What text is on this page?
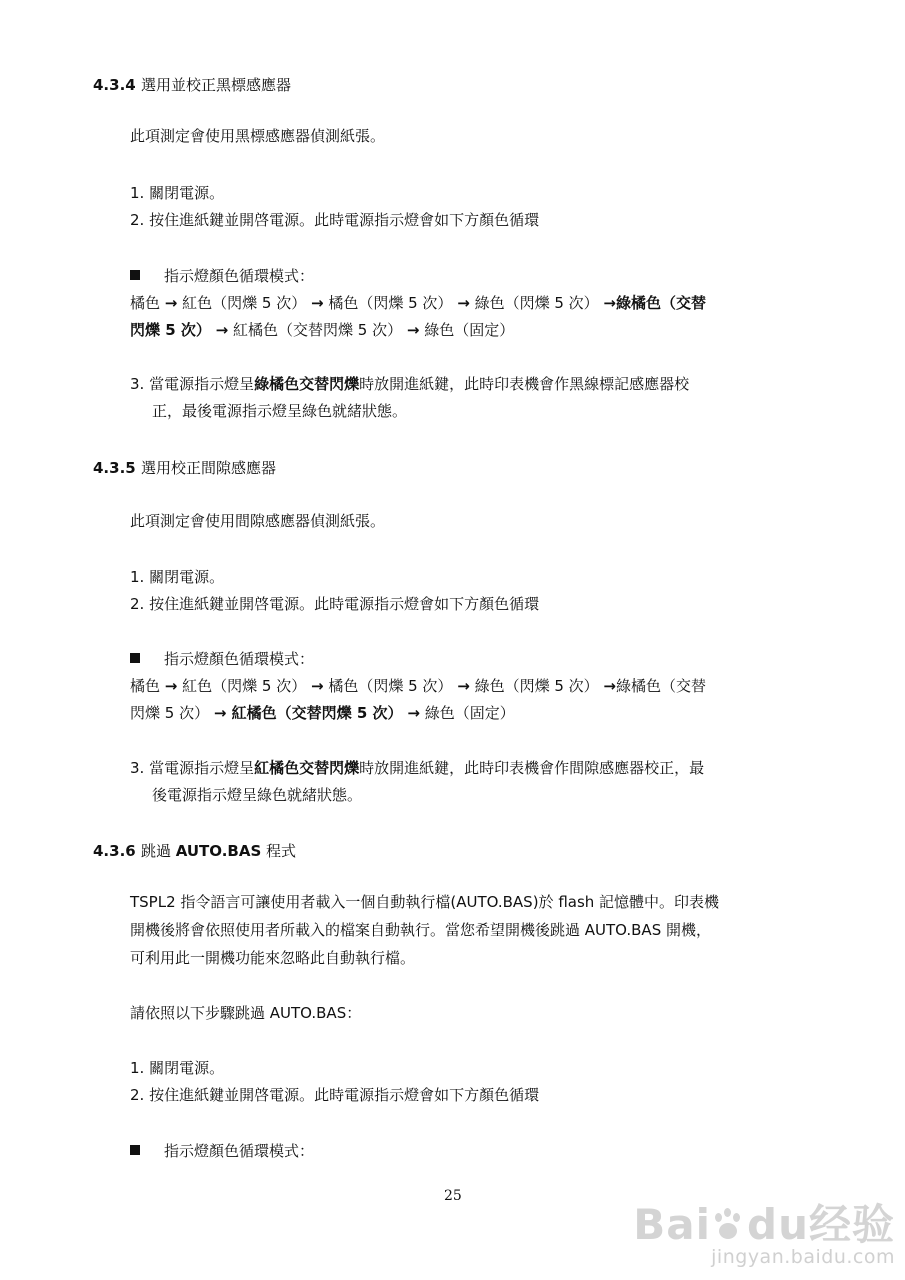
4.3.4 選用並校正黑標感應器
此項測定會使用黑標感應器偵測紙張。
1. 關閉電源。
2. 按住進紙鍵並開啓電源。此時電源指示燈會如下方顏色循環
指示燈顏色循環模式：
橘色 → 紅色（閃爍 5 次） → 橘色（閃爍 5 次） → 綠色（閃爍 5 次） →綠橘色（交替
閃爍 5 次） → 紅橘色（交替閃爍 5 次） → 綠色（固定）
3. 當電源指示燈呈綠橘色交替閃爍時放開進紙鍵，此時印表機會作黑線標記感應器校
正，最後電源指示燈呈綠色就緒狀態。
4.3.5 選用校正間隙感應器
此項測定會使用間隙感應器偵測紙張。
1. 關閉電源。
2. 按住進紙鍵並開啓電源。此時電源指示燈會如下方顏色循環
指示燈顏色循環模式：
橘色 → 紅色（閃爍 5 次） → 橘色（閃爍 5 次） → 綠色（閃爍 5 次） →綠橘色（交替
閃爍 5 次） → 紅橘色（交替閃爍 5 次） → 綠色（固定）
3. 當電源指示燈呈紅橘色交替閃爍時放開進紙鍵，此時印表機會作間隙感應器校正，最
後電源指示燈呈綠色就緒狀態。
4.3.6 跳過 AUTO.BAS 程式
TSPL2 指令語言可讓使用者載入一個自動執行檔(AUTO.BAS)於 flash 記憶體中。印表機
開機後將會依照使用者所載入的檔案自動執行。當您希望開機後跳過 AUTO.BAS 開機，
可利用此一開機功能來忽略此自動執行檔。
請依照以下步驟跳過 AUTO.BAS：
1. 關閉電源。
2. 按住進紙鍵並開啓電源。此時電源指示燈會如下方顏色循環
指示燈顏色循環模式：
25
Bai du经验
jingyan.baidu.com
